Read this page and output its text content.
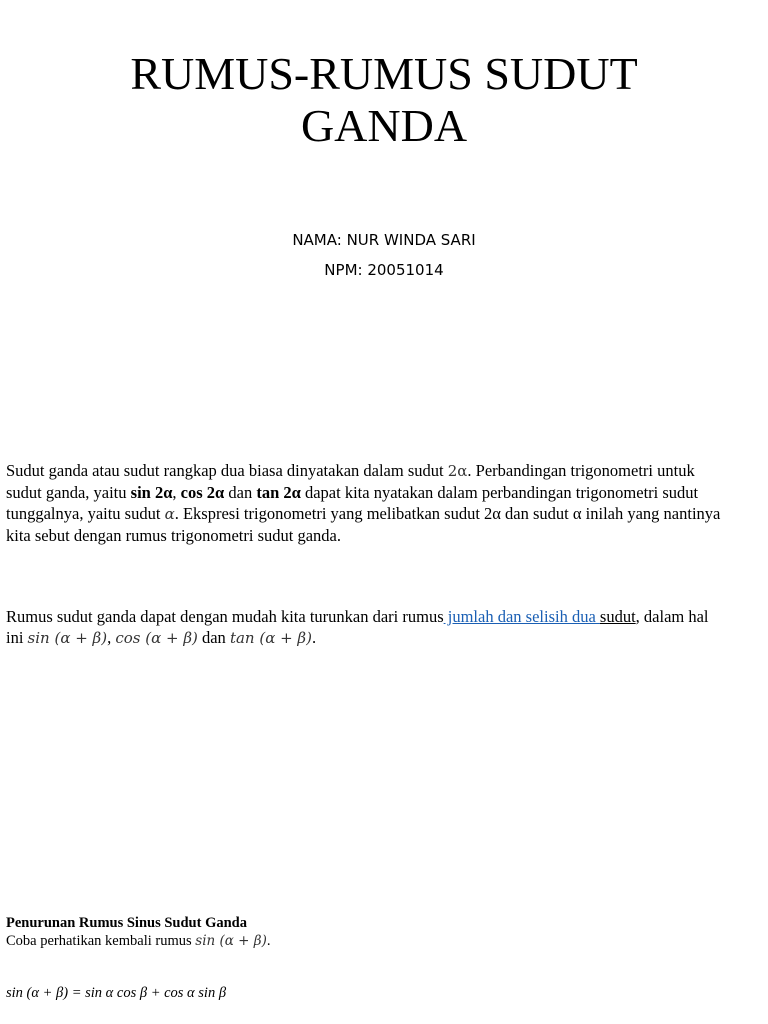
RUMUS-RUMUS SUDUT
GANDA
NAMA: NUR WINDA SARI
NPM: 20051014

Sudut ganda atau sudut rangkap dua biasa dinyatakan dalam sudut 2α. Perbandingan trigonometri untuk sudut ganda, yaitu sin 2α, cos 2α dan tan 2α dapat kita nyatakan dalam perbandingan trigonometri sudut tunggalnya, yaitu sudut α. Ekspresi trigonometri yang melibatkan sudut 2α dan sudut α inilah yang nantinya kita sebut dengan rumus trigonometri sudut ganda.

Rumus sudut ganda dapat dengan mudah kita turunkan dari rumus jumlah dan selisih dua sudut, dalam hal ini sin (α + β), cos (α + β) dan tan (α + β).

Penurunan Rumus Sinus Sudut Ganda
Coba perhatikan kembali rumus sin (α + β).
sin (α + β) = sin α cos β + cos α sin β
